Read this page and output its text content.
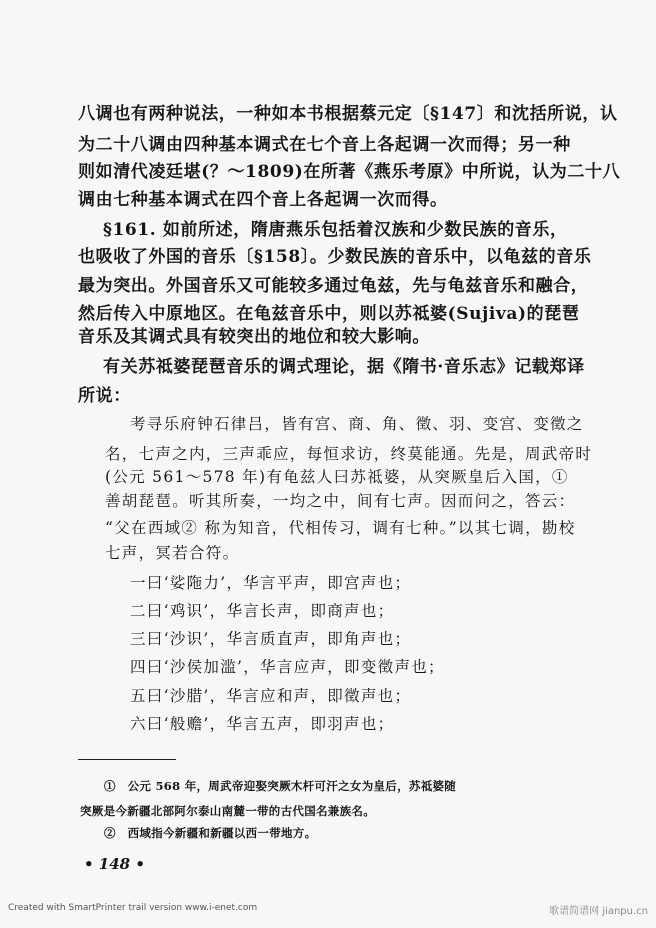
八调也有两种说法，一种如本书根据蔡元定〔§147〕和沈括所说，认
为二十八调由四种基本调式在七个音上各起调一次而得；另一种
则如清代凌廷堪(？～1809)在所著《燕乐考原》中所说，认为二十八
调由七种基本调式在四个音上各起调一次而得。
§161. 如前所述，隋唐燕乐包括着汉族和少数民族的音乐，
也吸收了外国的音乐〔§158〕。少数民族的音乐中，以龟兹的音乐
最为突出。外国音乐又可能较多通过龟兹，先与龟兹音乐和融合，
然后传入中原地区。在龟兹音乐中，则以苏祗婆(Sujiva)的琵琶
音乐及其调式具有较突出的地位和较大影响。
有关苏祗婆琵琶音乐的调式理论，据《隋书·音乐志》记载郑译
所说：
考寻乐府钟石律吕，皆有宫、商、角、徵、羽、变宫、变徵之
名，七声之内，三声乖应，每恒求访，终莫能通。先是，周武帝时
(公元 561～578 年)有龟兹人曰苏祗婆，从突厥皇后入国，①
善胡琵琶。听其所奏，一均之中，间有七声。因而问之，答云：
“父在西域② 称为知音，代相传习，调有七种。”以其七调，勘校
七声，冥若合符。
一曰‘娑陁力’，华言平声，即宫声也；
二曰‘鸡识’，华言长声，即商声也；
三曰‘沙识’，华言质直声，即角声也；
四曰‘沙侯加滥’，华言应声，即变徵声也；
五曰‘沙腊’，华言应和声，即徵声也；
六曰‘般赡’，华言五声，即羽声也；
①　公元 568 年，周武帝迎娶突厥木杆可汗之女为皇后，苏祗婆随
突厥是今新疆北部阿尔泰山南麓一带的古代国名兼族名。
②　西域指今新疆和新疆以西一带地方。
• 148 •
Created with SmartPrinter trail version www.i-enet.com	歌谱简谱网 jianpu.cn
